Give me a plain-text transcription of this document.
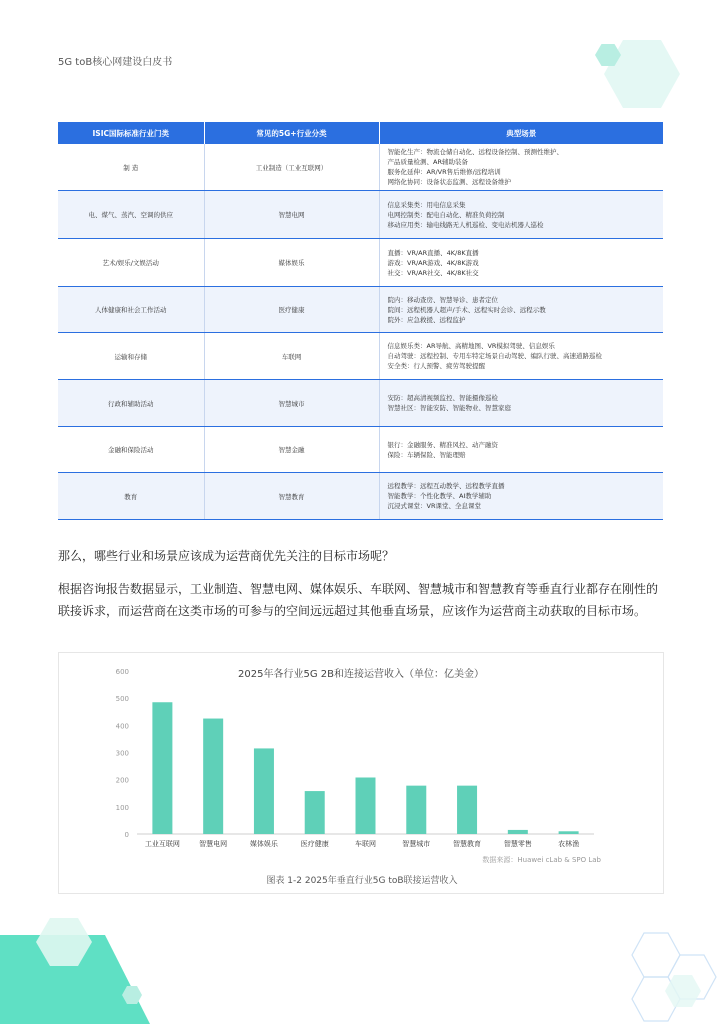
5G toB核心网建设白皮书
ISIC国际标准行业门类	常见的5G+行业分类	典型场景
制 造	工业制造（工业互联网）	智能化生产：物流仓储自动化、远程设备控制、预测性维护、
产品质量检测、AR辅助装备
服务化延伸：AR/VR售后维修/远程培训
网络化协同：设备状态监测、远程设备维护

电、煤气、蒸汽、空调的供应	智慧电网	信息采集类：用电信息采集
电网控制类：配电自动化、精准负荷控制
移动应用类：输电线路无人机巡检、变电站机器人巡检

艺术/娱乐/文娱活动	媒体娱乐	直播：VR/AR直播、4K/8K直播
游戏：VR/AR游戏、4K/8K游戏
社交：VR/AR社交、4K/8K社交

人体健康和社会工作活动	医疗健康	院内：移动查房、智慧导诊、患者定位
院间：远程机器人超声/手术、远程实时会诊、远程示教
院外：应急救援、远程监护

运输和存储	车联网	信息娱乐类：AR导航、高精地图、VR模拟驾驶、信息娱乐
自动驾驶：远程控制、专用车特定场景自动驾驶、编队行驶、高速道路巡检
安全类：行人预警、疲劳驾驶提醒

行政和辅助活动	智慧城市	安防：超高清视频监控、智能摄像巡检
智慧社区：智能安防、智能物业、智慧家庭

金融和保险活动	智慧金融	银行：金融服务、精准风控、动产融资
保险：车辆保险、智能理赔

教育	智慧教育	远程教学：远程互动教学、远程教学直播
智能教学：个性化教学、AI教学辅助
沉浸式课堂：VR课堂、全息课堂
那么，哪些行业和场景应该成为运营商优先关注的目标市场呢？
根据咨询报告数据显示，工业制造、智慧电网、媒体娱乐、车联网、智慧城市和智慧教育等垂直行业都存在刚性的联接诉求，而运营商在这类市场的可参与的空间远远超过其他垂直场景，应该作为运营商主动获取的目标市场。
2025年各行业5G 2B和连接运营收入（单位：亿美金）
0
100
200
300
400
500
600
工业互联网	智慧电网	媒体娱乐	医疗健康	车联网	智慧城市	智慧教育	智慧零售	农林渔
数据来源：Huawei cLab & SPO Lab
图表 1-2 2025年垂直行业5G toB联接运营收入
